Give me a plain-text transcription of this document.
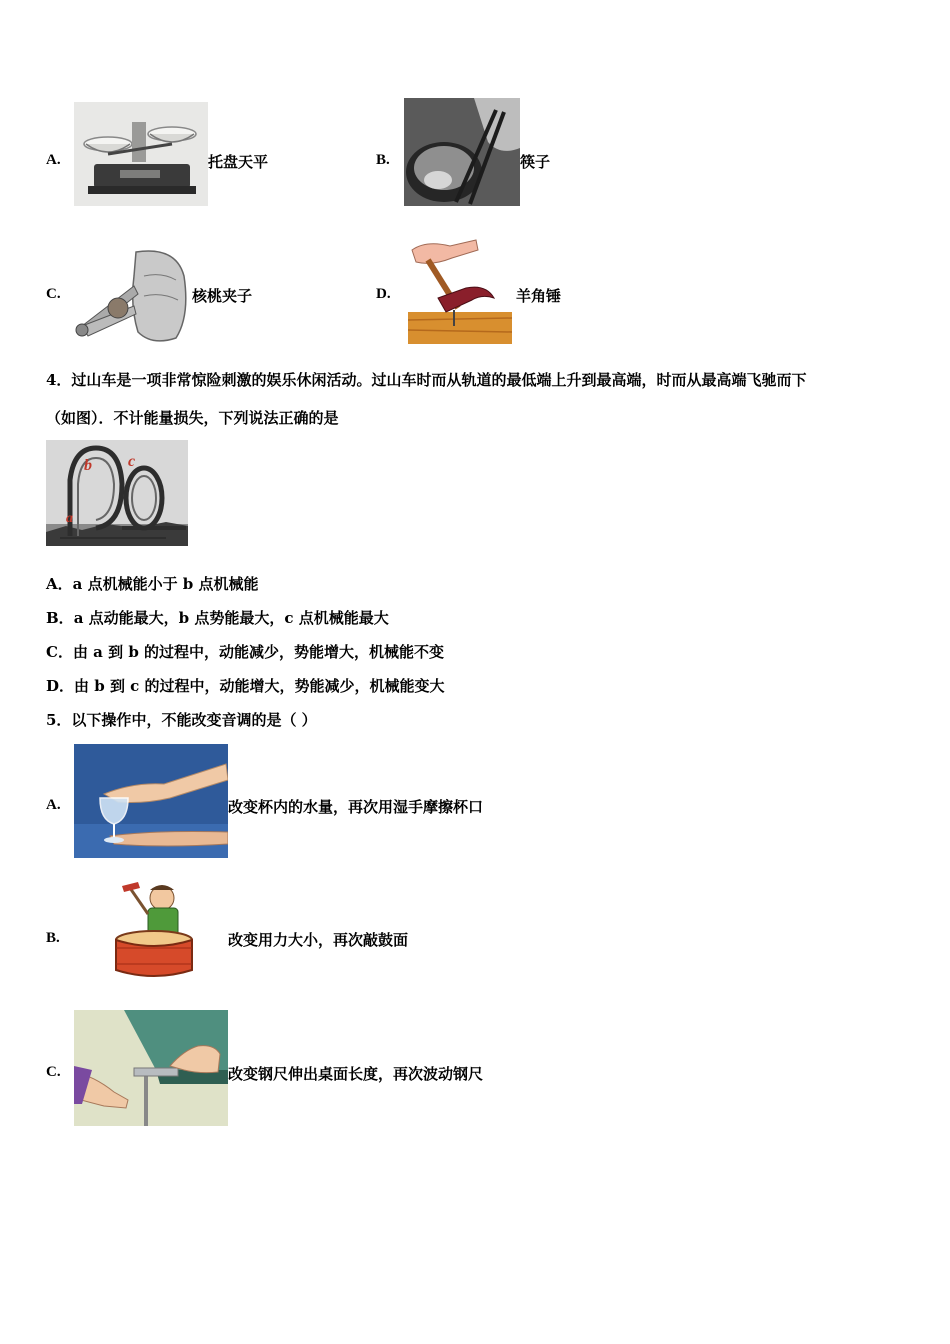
A.	托盘天平	B.	筷子
C.	核桃夹子	D.	羊角锤
4．过山车是一项非常惊险刺激的娱乐休闲活动。过山车时而从轨道的最低端上升到最高端，时而从最高端飞驰而下
（如图）．不计能量损失，下列说法正确的是
b c
a
A．a 点机械能小于 b 点机械能
B．a 点动能最大，b 点势能最大，c 点机械能最大
C．由 a 到 b 的过程中，动能减少，势能增大，机械能不变
D．由 b 到 c 的过程中，动能增大，势能减少，机械能变大
5．以下操作中，不能改变音调的是（ ）
A.	改变杯内的水量，再次用湿手摩擦杯口
B.	改变用力大小，再次敲鼓面
C.	改变钢尺伸出桌面长度，再次波动钢尺
